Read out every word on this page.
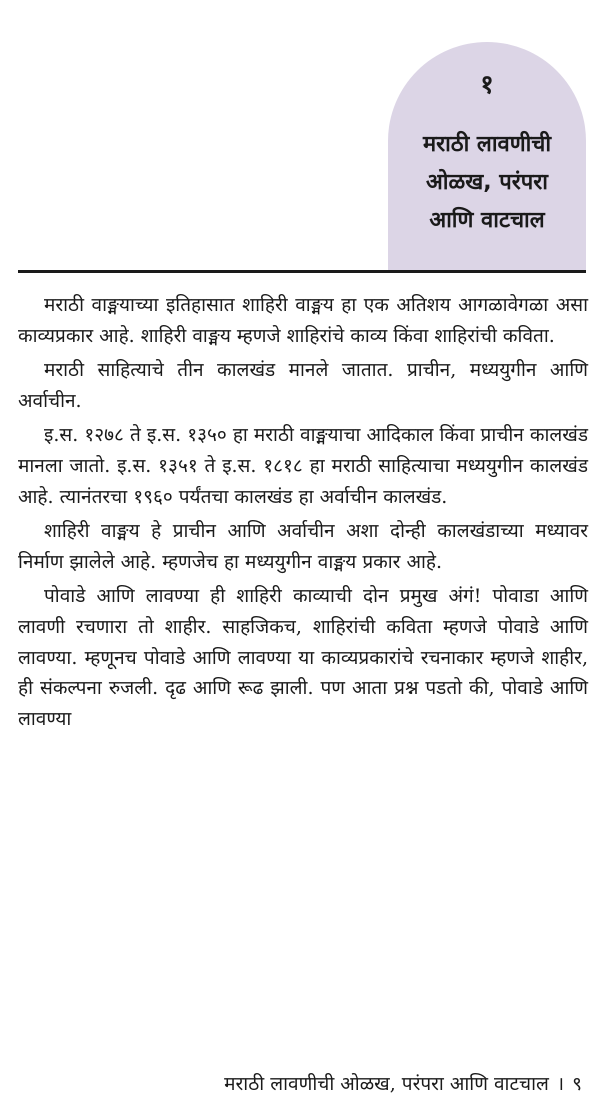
१
मराठी लावणीची
ओळख, परंपरा
आणि वाटचाल

मराठी वाङ्मयाच्या इतिहासात शाहिरी वाङ्मय हा एक अतिशय आगळावेगळा असा काव्यप्रकार आहे. शाहिरी वाङ्मय म्हणजे शाहिरांचे काव्य किंवा शाहिरांची कविता.

मराठी साहित्याचे तीन कालखंड मानले जातात. प्राचीन, मध्ययुगीन आणि अर्वाचीन.

इ.स. १२७८ ते इ.स. १३५० हा मराठी वाङ्मयाचा आदिकाल किंवा प्राचीन कालखंड मानला जातो. इ.स. १३५१ ते इ.स. १८१८ हा मराठी साहित्याचा मध्ययुगीन कालखंड आहे. त्यानंतरचा १९६० पर्यंतचा कालखंड हा अर्वाचीन कालखंड.

शाहिरी वाङ्मय हे प्राचीन आणि अर्वाचीन अशा दोन्ही कालखंडाच्या मध्यावर निर्माण झालेले आहे. म्हणजेच हा मध्ययुगीन वाङ्मय प्रकार आहे.

पोवाडे आणि लावण्या ही शाहिरी काव्याची दोन प्रमुख अंगं! पोवाडा आणि लावणी रचणारा तो शाहीर. साहजिकच, शाहिरांची कविता म्हणजे पोवाडे आणि लावण्या. म्हणूनच पोवाडे आणि लावण्या या काव्यप्रकारांचे रचनाकार म्हणजे शाहीर, ही संकल्पना रुजली. दृढ आणि रूढ झाली. पण आता प्रश्न पडतो की, पोवाडे आणि लावण्या

मराठी लावणीची ओळख, परंपरा आणि वाटचाल । ९
